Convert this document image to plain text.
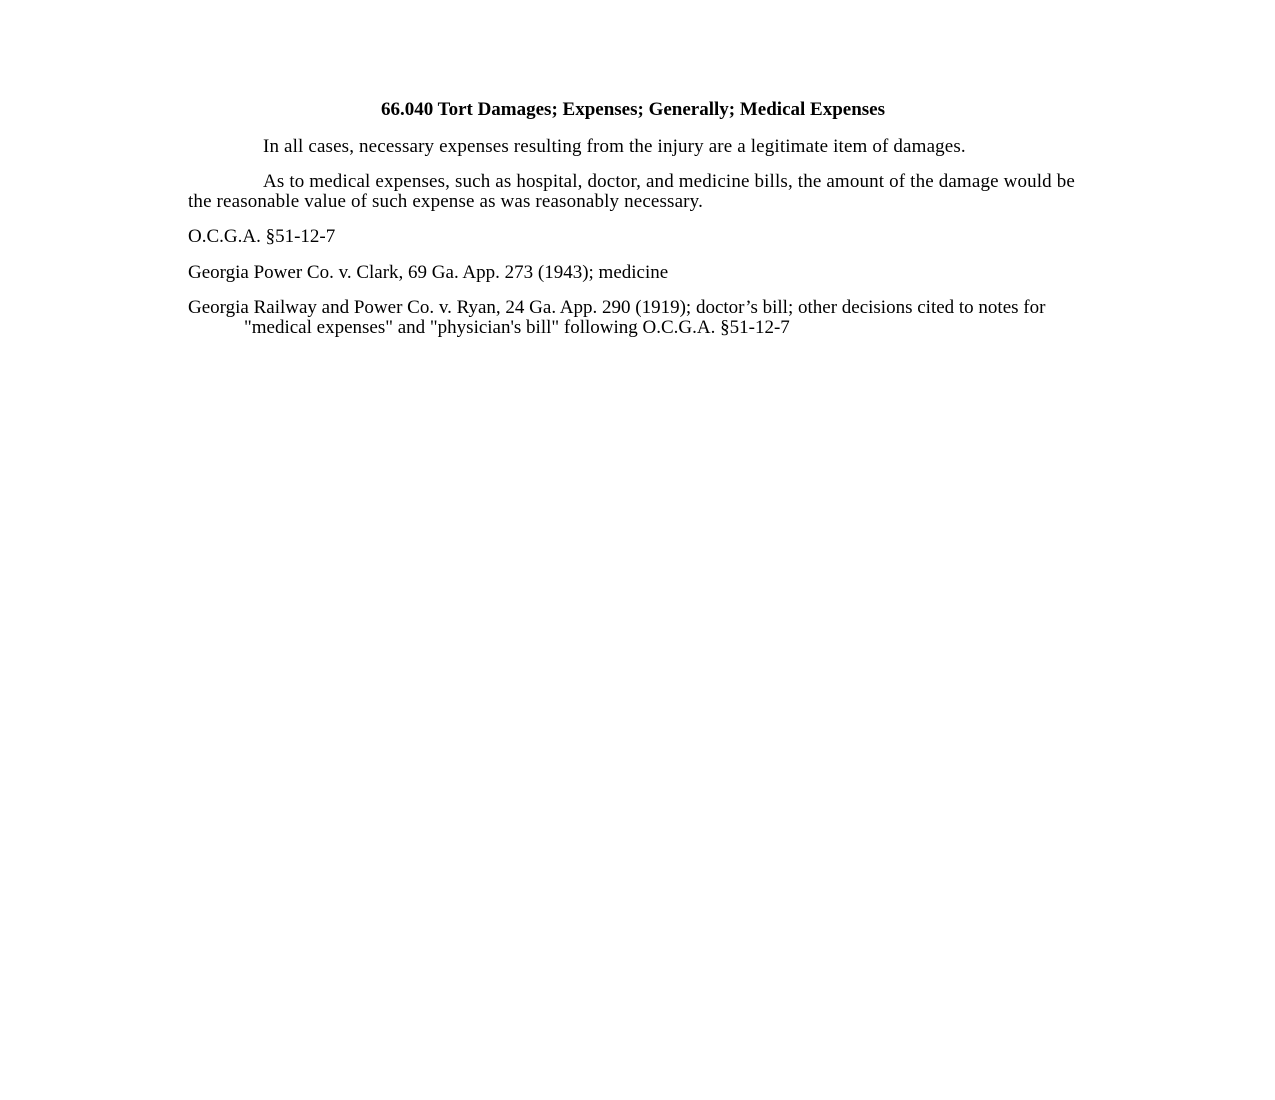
66.040 Tort Damages; Expenses; Generally; Medical Expenses

In all cases, necessary expenses resulting from the injury are a legitimate item of damages.

As to medical expenses, such as hospital, doctor, and medicine bills, the amount of the damage would be the reasonable value of such expense as was reasonably necessary.

O.C.G.A. §51-12-7

Georgia Power Co. v. Clark, 69 Ga. App. 273 (1943); medicine

Georgia Railway and Power Co. v. Ryan, 24 Ga. App. 290 (1919); doctor’s bill; other decisions cited to notes for "medical expenses" and "physician's bill" following O.C.G.A. §51-12-7
